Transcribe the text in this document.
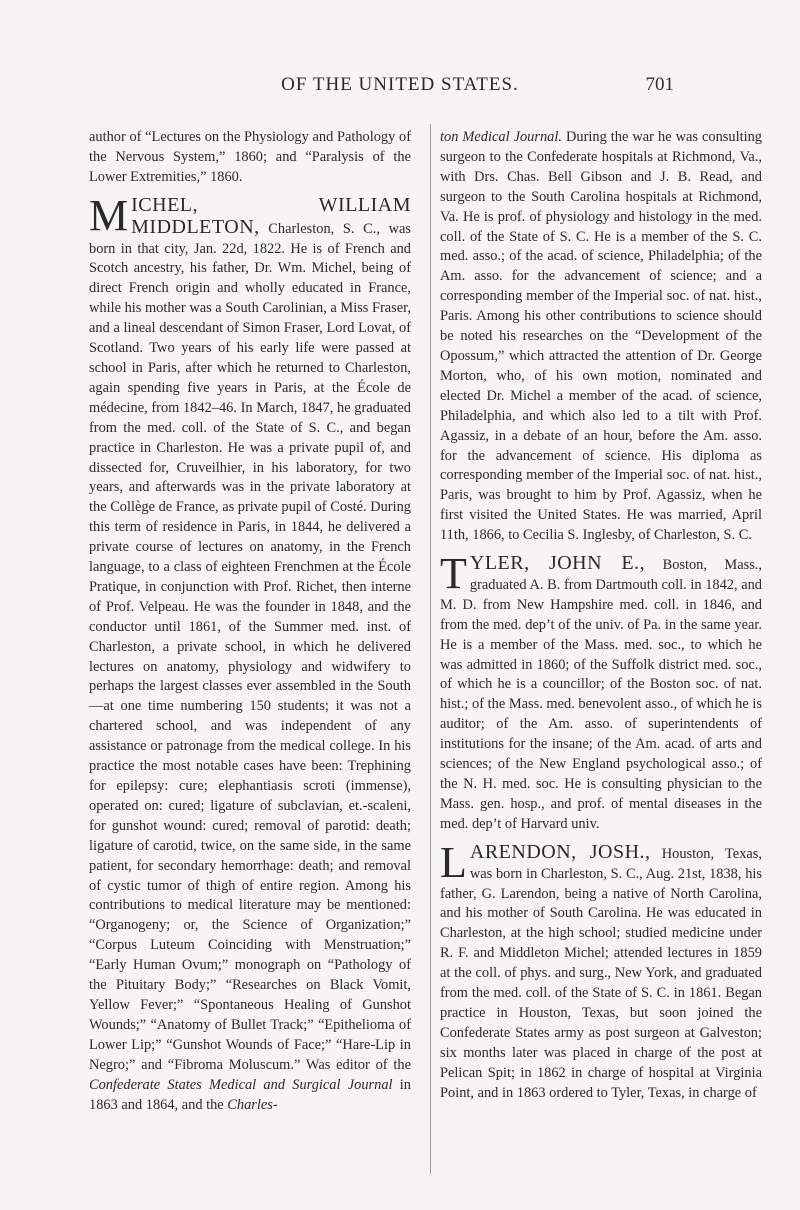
OF THE UNITED STATES.	701

author of “Lectures on the Physiology and Pathology of the Nervous System,” 1860; and “Paralysis of the Lower Extremities,” 1860.

MICHEL, WILLIAM MIDDLETON, Charleston, S. C., was born in that city, Jan. 22d, 1822. He is of French and Scotch ancestry, his father, Dr. Wm. Michel, being of direct French origin and wholly educated in France, while his mother was a South Carolinian, a Miss Fraser, and a lineal descendant of Simon Fraser, Lord Lovat, of Scotland. Two years of his early life were passed at school in Paris, after which he returned to Charleston, again spending five years in Paris, at the École de médecine, from 1842–46. In March, 1847, he graduated from the med. coll. of the State of S. C., and began practice in Charleston. He was a private pupil of, and dissected for, Cruveilhier, in his laboratory, for two years, and afterwards was in the private laboratory at the Collège de France, as private pupil of Costé. During this term of residence in Paris, in 1844, he delivered a private course of lectures on anatomy, in the French language, to a class of eighteen Frenchmen at the École Pratique, in conjunction with Prof. Richet, then interne of Prof. Velpeau. He was the founder in 1848, and the conductor until 1861, of the Summer med. inst. of Charleston, a private school, in which he delivered lectures on anatomy, physiology and widwifery to perhaps the largest classes ever assembled in the South—at one time numbering 150 students; it was not a chartered school, and was independent of any assistance or patronage from the medical college. In his practice the most notable cases have been: Trephining for epilepsy: cure; elephantiasis scroti (immense), operated on: cured; ligature of subclavian, et.-scaleni, for gunshot wound: cured; removal of parotid: death; ligature of carotid, twice, on the same side, in the same patient, for secondary hemorrhage: death; and removal of cystic tumor of thigh of entire region. Among his contributions to medical literature may be mentioned: “Organogeny; or, the Science of Organization;” “Corpus Luteum Coinciding with Menstruation;” “Early Human Ovum;” monograph on “Pathology of the Pituitary Body;” “Researches on Black Vomit, Yellow Fever;” “Spontaneous Healing of Gunshot Wounds;” “Anatomy of Bullet Track;” “Epithelioma of Lower Lip;” “Gunshot Wounds of Face;” “Hare-Lip in Negro;” and “Fibroma Moluscum.” Was editor of the Confederate States Medical and Surgical Journal in 1863 and 1864, and the Charles-

ton Medical Journal. During the war he was consulting surgeon to the Confederate hospitals at Richmond, Va., with Drs. Chas. Bell Gibson and J. B. Read, and surgeon to the South Carolina hospitals at Richmond, Va. He is prof. of physiology and histology in the med. coll. of the State of S. C. He is a member of the S. C. med. asso.; of the acad. of science, Philadelphia; of the Am. asso. for the advancement of science; and a corresponding member of the Imperial soc. of nat. hist., Paris. Among his other contributions to science should be noted his researches on the “Development of the Opossum,” which attracted the attention of Dr. George Morton, who, of his own motion, nominated and elected Dr. Michel a member of the acad. of science, Philadelphia, and which also led to a tilt with Prof. Agassiz, in a debate of an hour, before the Am. asso. for the advancement of science. His diploma as corresponding member of the Imperial soc. of nat. hist., Paris, was brought to him by Prof. Agassiz, when he first visited the United States. He was married, April 11th, 1866, to Cecilia S. Inglesby, of Charleston, S. C.

TYLER, JOHN E., Boston, Mass., graduated A. B. from Dartmouth coll. in 1842, and M. D. from New Hampshire med. coll. in 1846, and from the med. dep’t of the univ. of Pa. in the same year. He is a member of the Mass. med. soc., to which he was admitted in 1860; of the Suffolk district med. soc., of which he is a councillor; of the Boston soc. of nat. hist.; of the Mass. med. benevolent asso., of which he is auditor; of the Am. asso. of superintendents of institutions for the insane; of the Am. acad. of arts and sciences; of the New England psychological asso.; of the N. H. med. soc. He is consulting physician to the Mass. gen. hosp., and prof. of mental diseases in the med. dep’t of Harvard univ.

LARENDON, JOSH., Houston, Texas, was born in Charleston, S. C., Aug. 21st, 1838, his father, G. Larendon, being a native of North Carolina, and his mother of South Carolina. He was educated in Charleston, at the high school; studied medicine under R. F. and Middleton Michel; attended lectures in 1859 at the coll. of phys. and surg., New York, and graduated from the med. coll. of the State of S. C. in 1861. Began practice in Houston, Texas, but soon joined the Confederate States army as post surgeon at Galveston; six months later was placed in charge of the post at Pelican Spit; in 1862 in charge of hospital at Virginia Point, and in 1863 ordered to Tyler, Texas, in charge of
